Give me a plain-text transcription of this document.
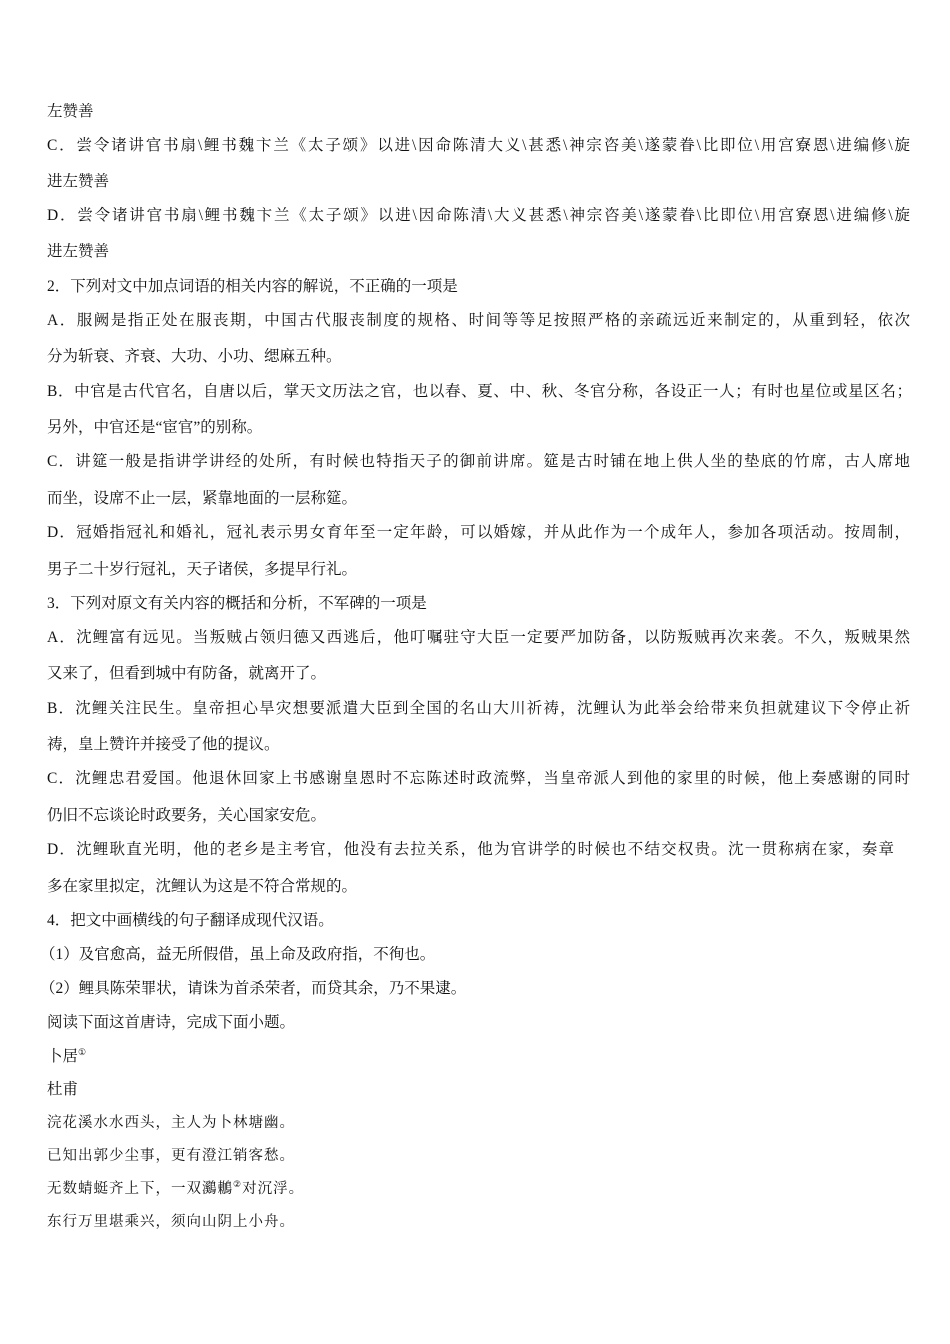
左赞善
C．尝令诸讲官书扇\鲤书魏卞兰《太子颂》以进\因命陈清大义\甚悉\神宗咨美\遂蒙眷\比即位\用宫寮恩\进编修\旋
进左赞善
D．尝令诸讲官书扇\鲤书魏卞兰《太子颂》以进\因命陈清\大义甚悉\神宗咨美\遂蒙眷\比即位\用宫寮恩\进编修\旋
进左赞善
2．下列对文中加点词语的相关内容的解说，不正确的一项是
A．服阙是指正处在服丧期，中国古代服丧制度的规格、时间等等足按照严格的亲疏远近来制定的，从重到轻，依次
分为斩衰、齐衰、大功、小功、缌麻五种。
B．中官是古代官名，自唐以后，掌天文历法之官，也以春、夏、中、秋、冬官分称，各设正一人；有时也星位或星区名；
另外，中官还是“宦官”的别称。
C．讲筵一般是指讲学讲经的处所，有时候也特指天子的御前讲席。筵是古时铺在地上供人坐的垫底的竹席，古人席地
而坐，设席不止一层，紧靠地面的一层称筵。
D．冠婚指冠礼和婚礼，冠礼表示男女育年至一定年龄，可以婚嫁，并从此作为一个成年人，参加各项活动。按周制，
男子二十岁行冠礼，天子诸侯，多提早行礼。
3．下列对原文有关内容的概括和分析，不军碑的一项是
A．沈鲤富有远见。当叛贼占领归德又西逃后，他叮嘱驻守大臣一定要严加防备，以防叛贼再次来袭。不久，叛贼果然
又来了，但看到城中有防备，就离开了。
B．沈鲤关注民生。皇帝担心旱灾想要派遣大臣到全国的名山大川祈祷，沈鲤认为此举会给带来负担就建议下令停止祈
祷，皇上赞许并接受了他的提议。
C．沈鲤忠君爱国。他退休回家上书感谢皇恩时不忘陈述时政流弊，当皇帝派人到他的家里的时候，他上奏感谢的同时
仍旧不忘谈论时政要务，关心国家安危。
D．沈鲤耿直光明，他的老乡是主考官，他没有去拉关系，他为官讲学的时候也不结交权贵。沈一贯称病在家，奏章
多在家里拟定，沈鲤认为这是不符合常规的。
4．把文中画横线的句子翻译成现代汉语。
（1）及官愈高，益无所假借，虽上命及政府指，不徇也。
（2）鲤具陈荣罪状，请诛为首杀荣者，而贷其余，乃不果逮。
阅读下面这首唐诗，完成下面小题。
卜居①
杜甫
浣花溪水水西头，主人为卜林塘幽。
已知出郭少尘事，更有澄江销客愁。
无数蜻蜓齐上下，一双鸂鶒②对沉浮。
东行万里堪乘兴，须向山阴上小舟。
